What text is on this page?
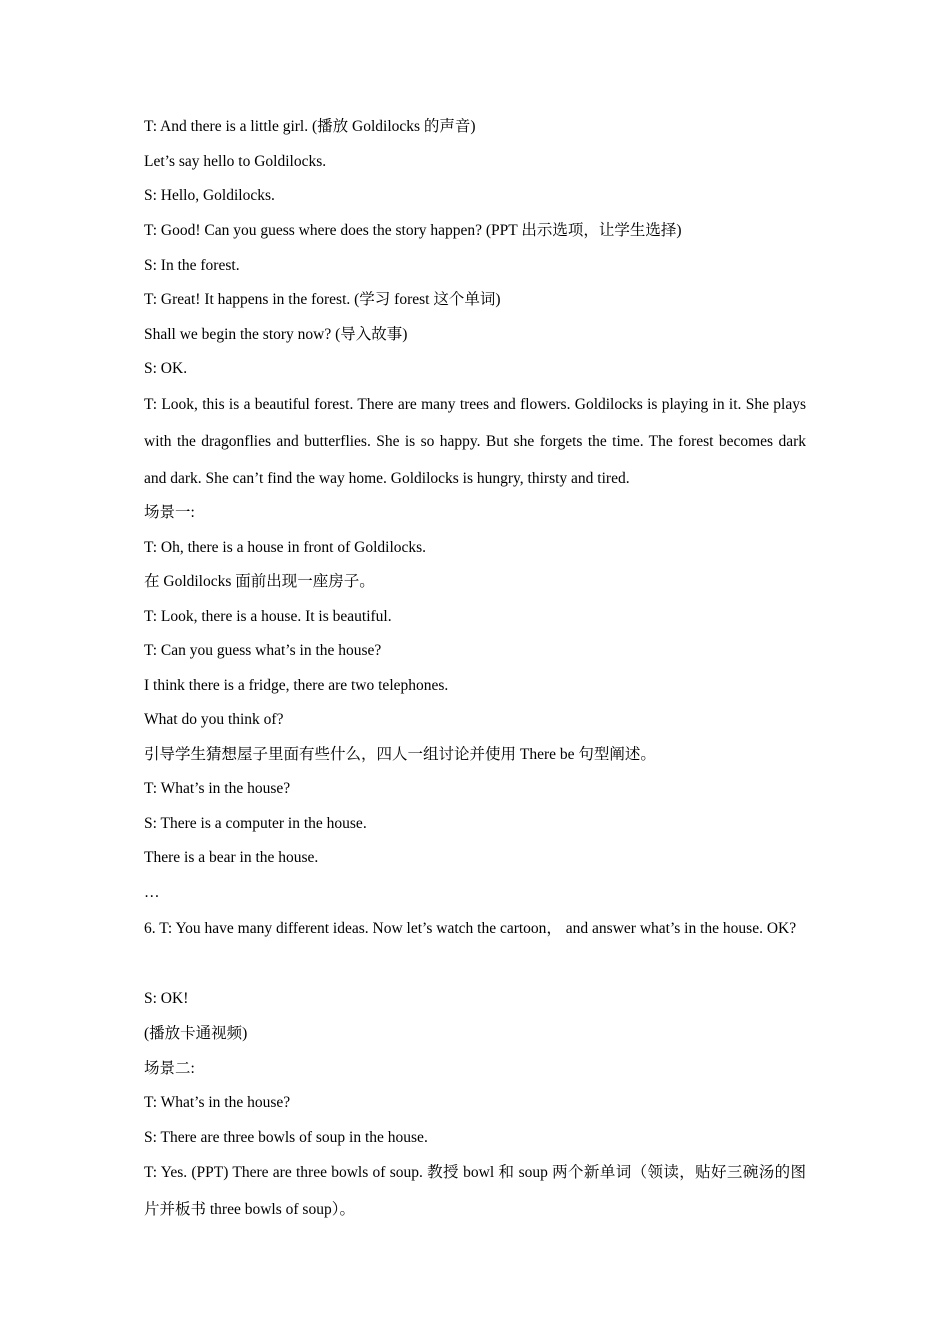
T: And there is a little girl. (播放 Goldilocks 的声音)
Let’s say hello to Goldilocks.
S: Hello, Goldilocks.
T: Good! Can you guess where does the story happen? (PPT 出示选项，让学生选择)
S: In the forest.
T: Great! It happens in the forest. (学习 forest 这个单词)
Shall we begin the story now? (导入故事)
S: OK.
T: Look, this is a beautiful forest. There are many trees and flowers. Goldilocks is playing in it. She plays with the dragonflies and butterflies. She is so happy. But she forgets the time. The forest becomes dark and dark. She can’t find the way home. Goldilocks is hungry, thirsty and tired.
场景一:
T: Oh, there is a house in front of Goldilocks.
在 Goldilocks 面前出现一座房子。
T: Look, there is a house. It is beautiful.
T: Can you guess what’s in the house?
I think there is a fridge, there are two telephones.
What do you think of?
引导学生猜想屋子里面有些什么，四人一组讨论并使用 There be 句型阐述。
T: What’s in the house?
S: There is a computer in the house.
There is a bear in the house.
…
6. T: You have many different ideas. Now let’s watch the cartoon， and answer what’s in the house. OK?
S: OK!
(播放卡通视频)
场景二:
T: What’s in the house?
S: There are three bowls of soup in the house.
T: Yes. (PPT) There are three bowls of soup. 教授 bowl 和 soup 两个新单词（领读，贴好三碗汤的图片并板书 three bowls of soup）。
